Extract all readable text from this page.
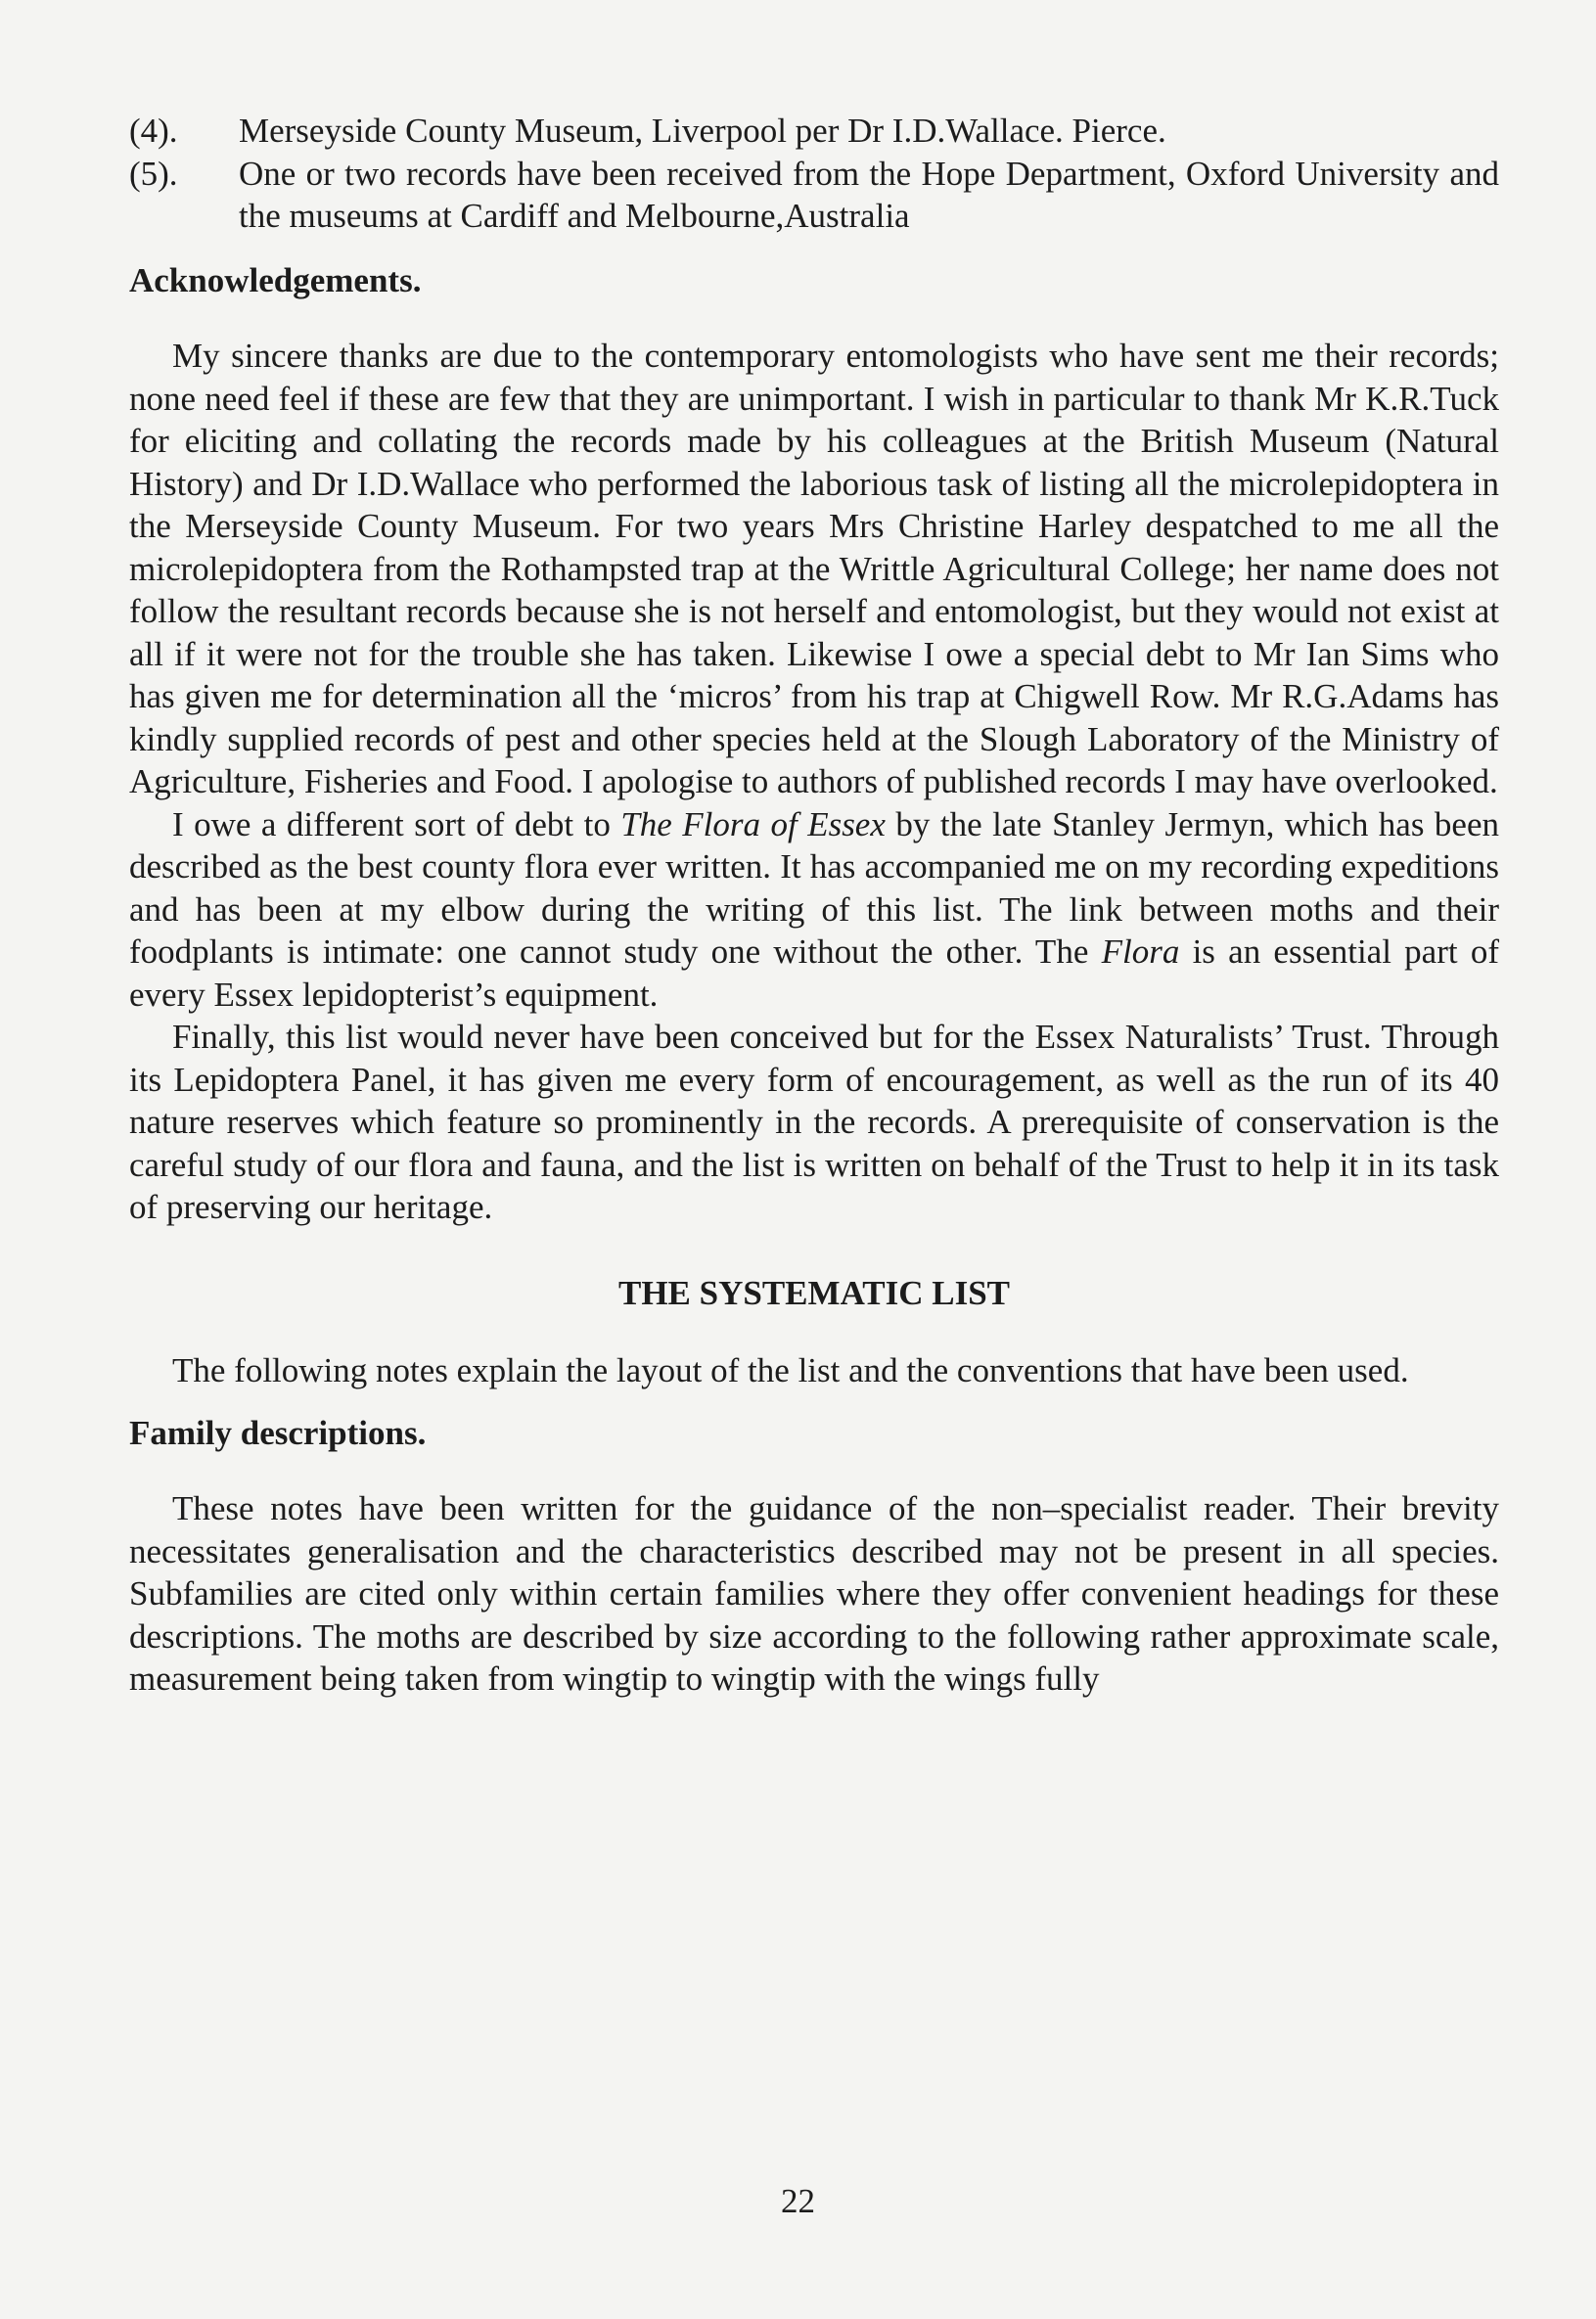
(4).	Merseyside County Museum, Liverpool per Dr I.D.Wallace. Pierce.
(5).	One or two records have been received from the Hope Department, Oxford University and the museums at Cardiff and Melbourne,Australia

Acknowledgements.

My sincere thanks are due to the contemporary entomologists who have sent me their records; none need feel if these are few that they are unimportant. I wish in particular to thank Mr K.R.Tuck for eliciting and collating the records made by his colleagues at the British Museum (Natural History) and Dr I.D.Wallace who performed the laborious task of listing all the microlepidoptera in the Merseyside County Museum. For two years Mrs Christine Harley despatched to me all the microlepidoptera from the Rothampsted trap at the Writtle Agricultural College; her name does not follow the resultant records because she is not herself and entomologist, but they would not exist at all if it were not for the trouble she has taken. Likewise I owe a special debt to Mr Ian Sims who has given me for determination all the ‘micros’ from his trap at Chigwell Row. Mr R.G.Adams has kindly supplied records of pest and other species held at the Slough Laboratory of the Ministry of Agriculture, Fisheries and Food. I apologise to authors of published records I may have overlooked.

I owe a different sort of debt to The Flora of Essex by the late Stanley Jermyn, which has been described as the best county flora ever written. It has accompanied me on my recording expeditions and has been at my elbow during the writing of this list. The link between moths and their foodplants is intimate: one cannot study one without the other. The Flora is an essential part of every Essex lepidopterist’s equipment.

Finally, this list would never have been conceived but for the Essex Naturalists’ Trust. Through its Lepidoptera Panel, it has given me every form of encouragement, as well as the run of its 40 nature reserves which feature so prominently in the records. A prerequisite of conservation is the careful study of our flora and fauna, and the list is written on behalf of the Trust to help it in its task of preserving our heritage.

THE SYSTEMATIC LIST

The following notes explain the layout of the list and the conventions that have been used.

Family descriptions.

These notes have been written for the guidance of the non–specialist reader. Their brevity necessitates generalisation and the characteristics described may not be present in all species. Subfamilies are cited only within certain families where they offer convenient headings for these descriptions. The moths are described by size according to the following rather approximate scale, measurement being taken from wingtip to wingtip with the wings fully

22
